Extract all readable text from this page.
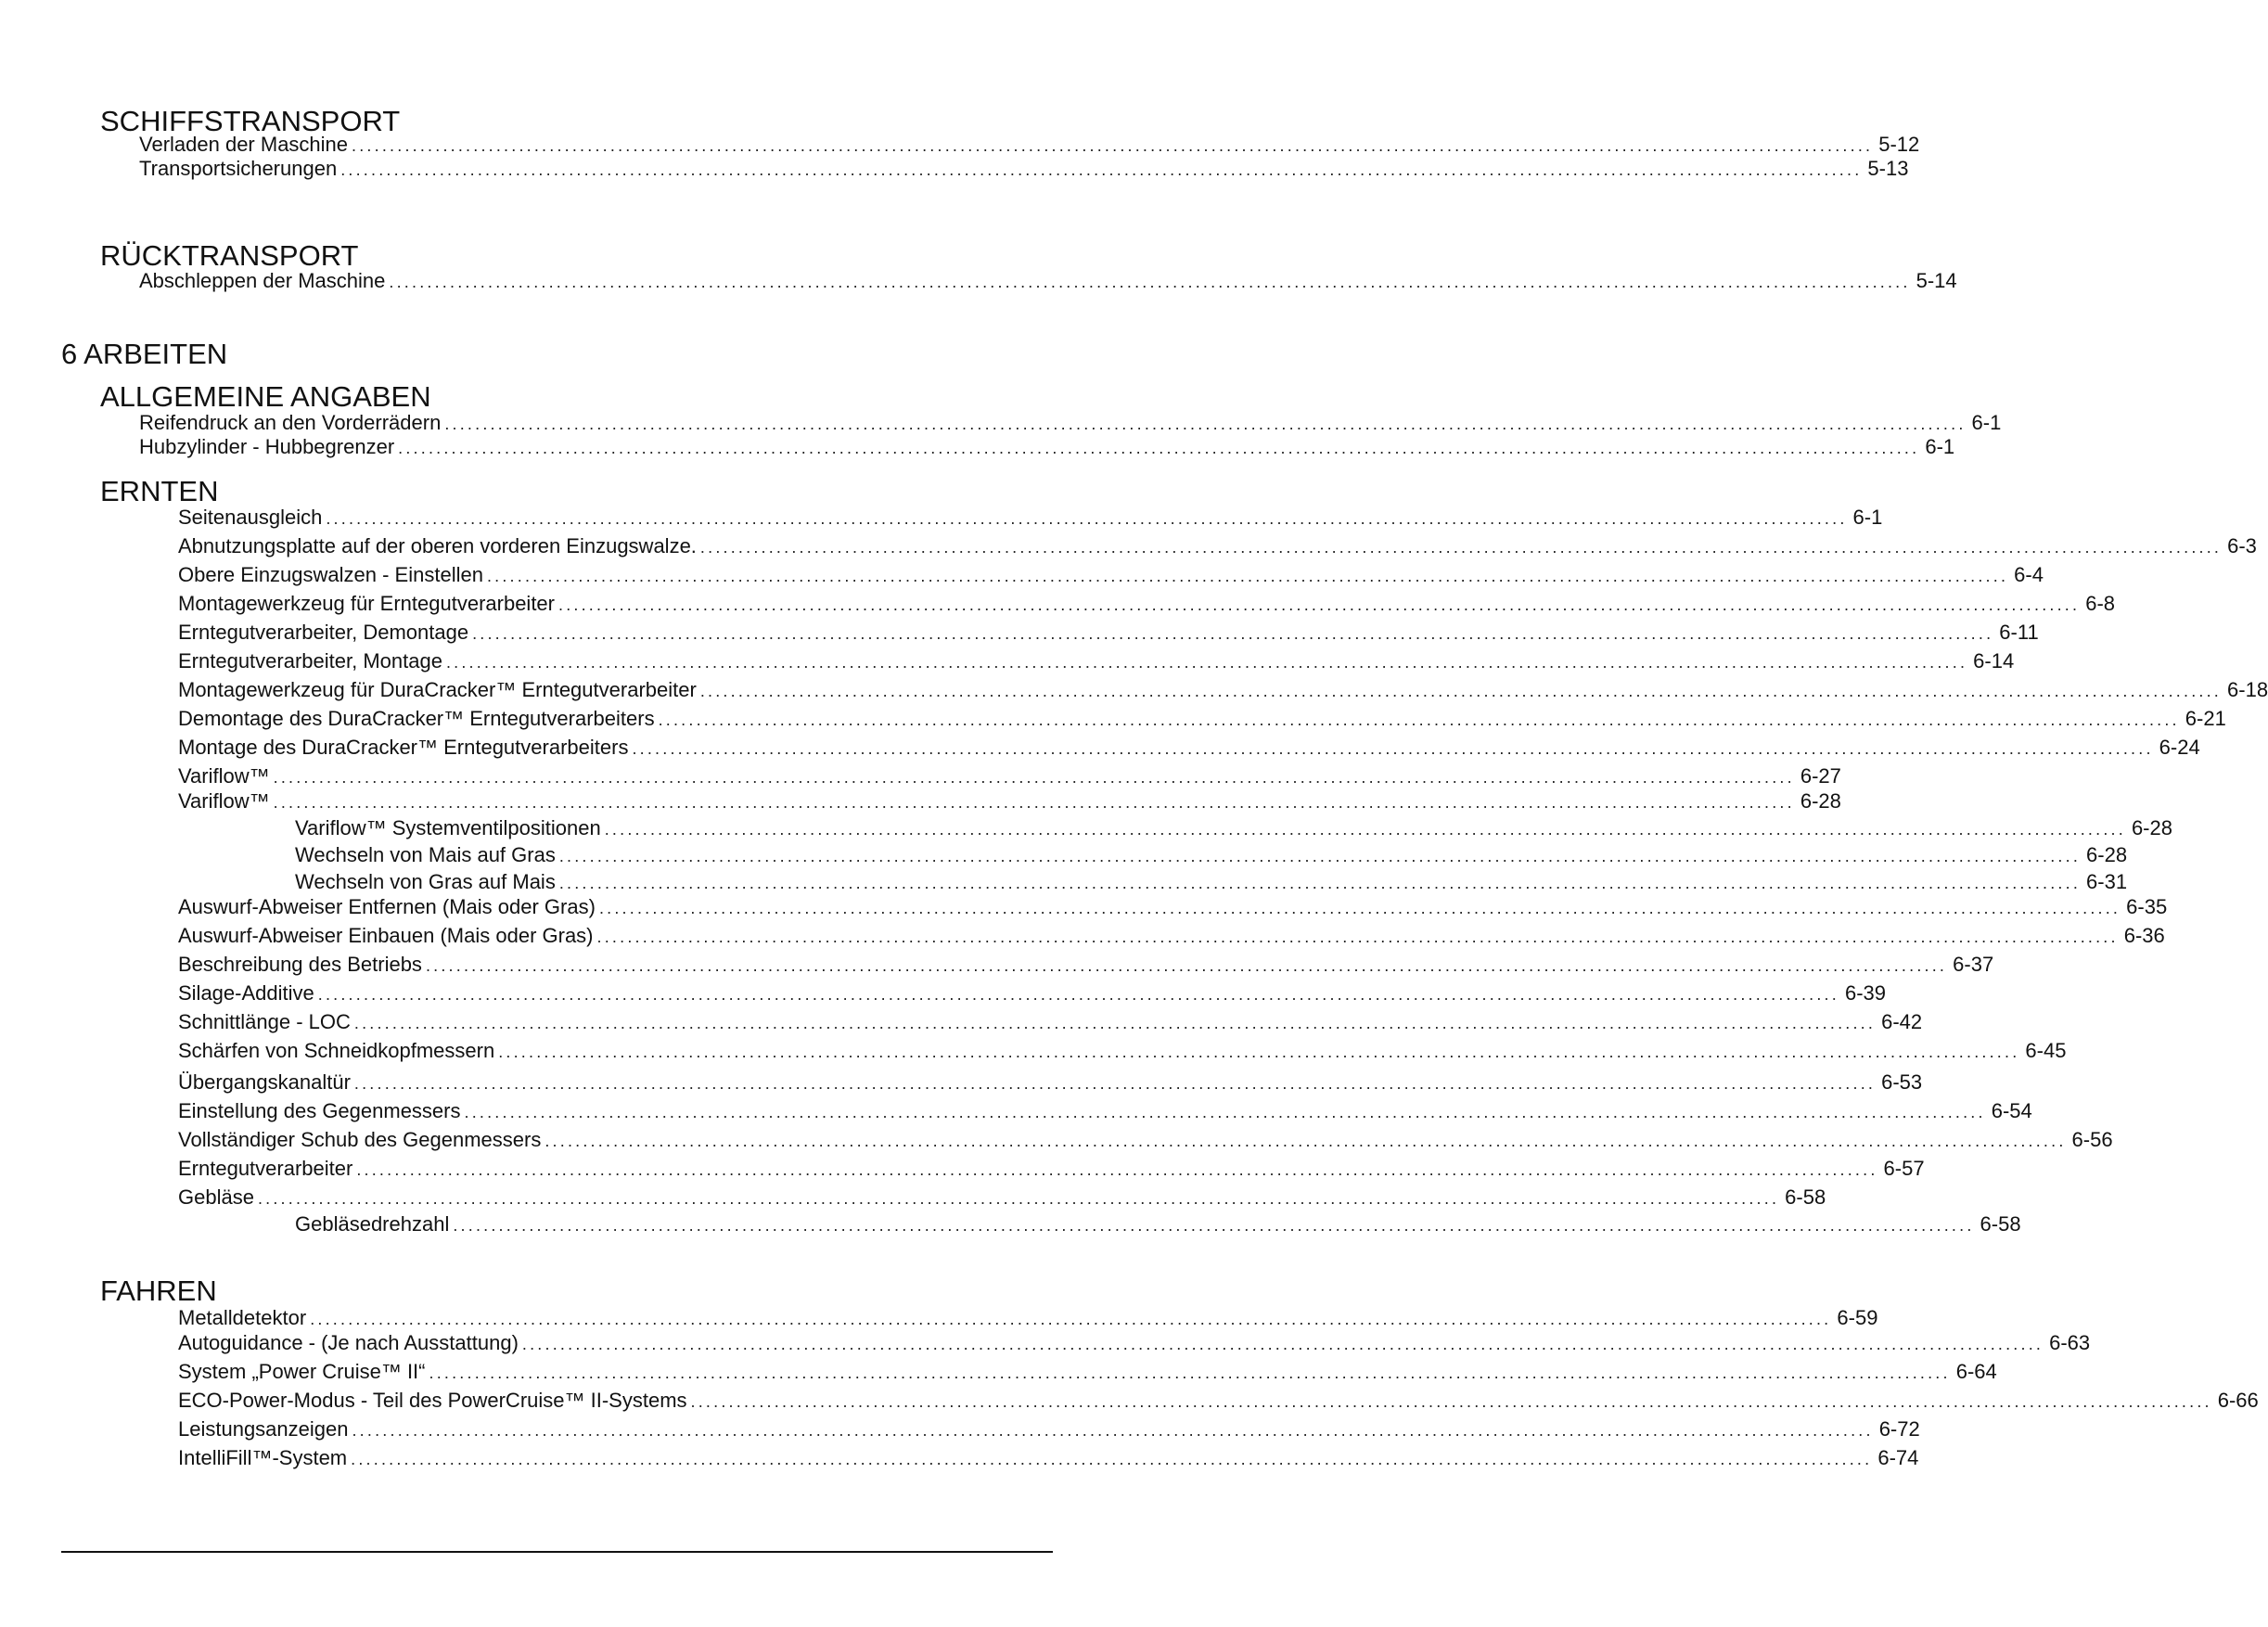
SCHIFFSTRANSPORT
Verladen der Maschine ........................................................................................................................................................................................................ 5-12
Transportsicherungen ........................................................................................................................................................................................................ 5-13
RÜCKTRANSPORT
Abschleppen der Maschine ........................................................................................................................................................................................................ 5-14
6 ARBEITEN
ALLGEMEINE ANGABEN
Reifendruck an den Vorderrädern ........................................................................................................................................................................................................ 6-1
Hubzylinder - Hubbegrenzer ........................................................................................................................................................................................................ 6-1
ERNTEN
Seitenausgleich ........................................................................................................................................................................................................ 6-1
Abnutzungsplatte auf der oberen vorderen Einzugswalze. ........................................................................................................................................................................................................ 6-3
Obere Einzugswalzen - Einstellen ........................................................................................................................................................................................................ 6-4
Montagewerkzeug für Erntegutverarbeiter ........................................................................................................................................................................................................ 6-8
Erntegutverarbeiter, Demontage ........................................................................................................................................................................................................ 6-11
Erntegutverarbeiter, Montage ........................................................................................................................................................................................................ 6-14
Montagewerkzeug für DuraCracker™ Erntegutverarbeiter ........................................................................................................................................................................................................ 6-18
Demontage des DuraCracker™ Erntegutverarbeiters ........................................................................................................................................................................................................ 6-21
Montage des DuraCracker™ Erntegutverarbeiters ........................................................................................................................................................................................................ 6-24
Variflow™ ........................................................................................................................................................................................................ 6-27
Variflow™ ........................................................................................................................................................................................................ 6-28
Variflow™ Systemventilpositionen ........................................................................................................................................................................................................ 6-28
Wechseln von Mais auf Gras ........................................................................................................................................................................................................ 6-28
Wechseln von Gras auf Mais ........................................................................................................................................................................................................ 6-31
Auswurf-Abweiser Entfernen (Mais oder Gras) ........................................................................................................................................................................................................ 6-35
Auswurf-Abweiser Einbauen (Mais oder Gras) ........................................................................................................................................................................................................ 6-36
Beschreibung des Betriebs ........................................................................................................................................................................................................ 6-37
Silage-Additive ........................................................................................................................................................................................................ 6-39
Schnittlänge - LOC ........................................................................................................................................................................................................ 6-42
Schärfen von Schneidkopfmessern ........................................................................................................................................................................................................ 6-45
Übergangskanaltür ........................................................................................................................................................................................................ 6-53
Einstellung des Gegenmessers ........................................................................................................................................................................................................ 6-54
Vollständiger Schub des Gegenmessers ........................................................................................................................................................................................................ 6-56
Erntegutverarbeiter ........................................................................................................................................................................................................ 6-57
Gebläse ........................................................................................................................................................................................................ 6-58
Gebläsedrehzahl ........................................................................................................................................................................................................ 6-58
FAHREN
Metalldetektor ........................................................................................................................................................................................................ 6-59
Autoguidance - (Je nach Ausstattung) ........................................................................................................................................................................................................ 6-63
System „Power Cruise™ II“ ........................................................................................................................................................................................................ 6-64
ECO-Power-Modus - Teil des PowerCruise™ II-Systems ........................................................................................................................................................................................................ 6-66
Leistungsanzeigen ........................................................................................................................................................................................................ 6-72
IntelliFill™-System ........................................................................................................................................................................................................ 6-74
